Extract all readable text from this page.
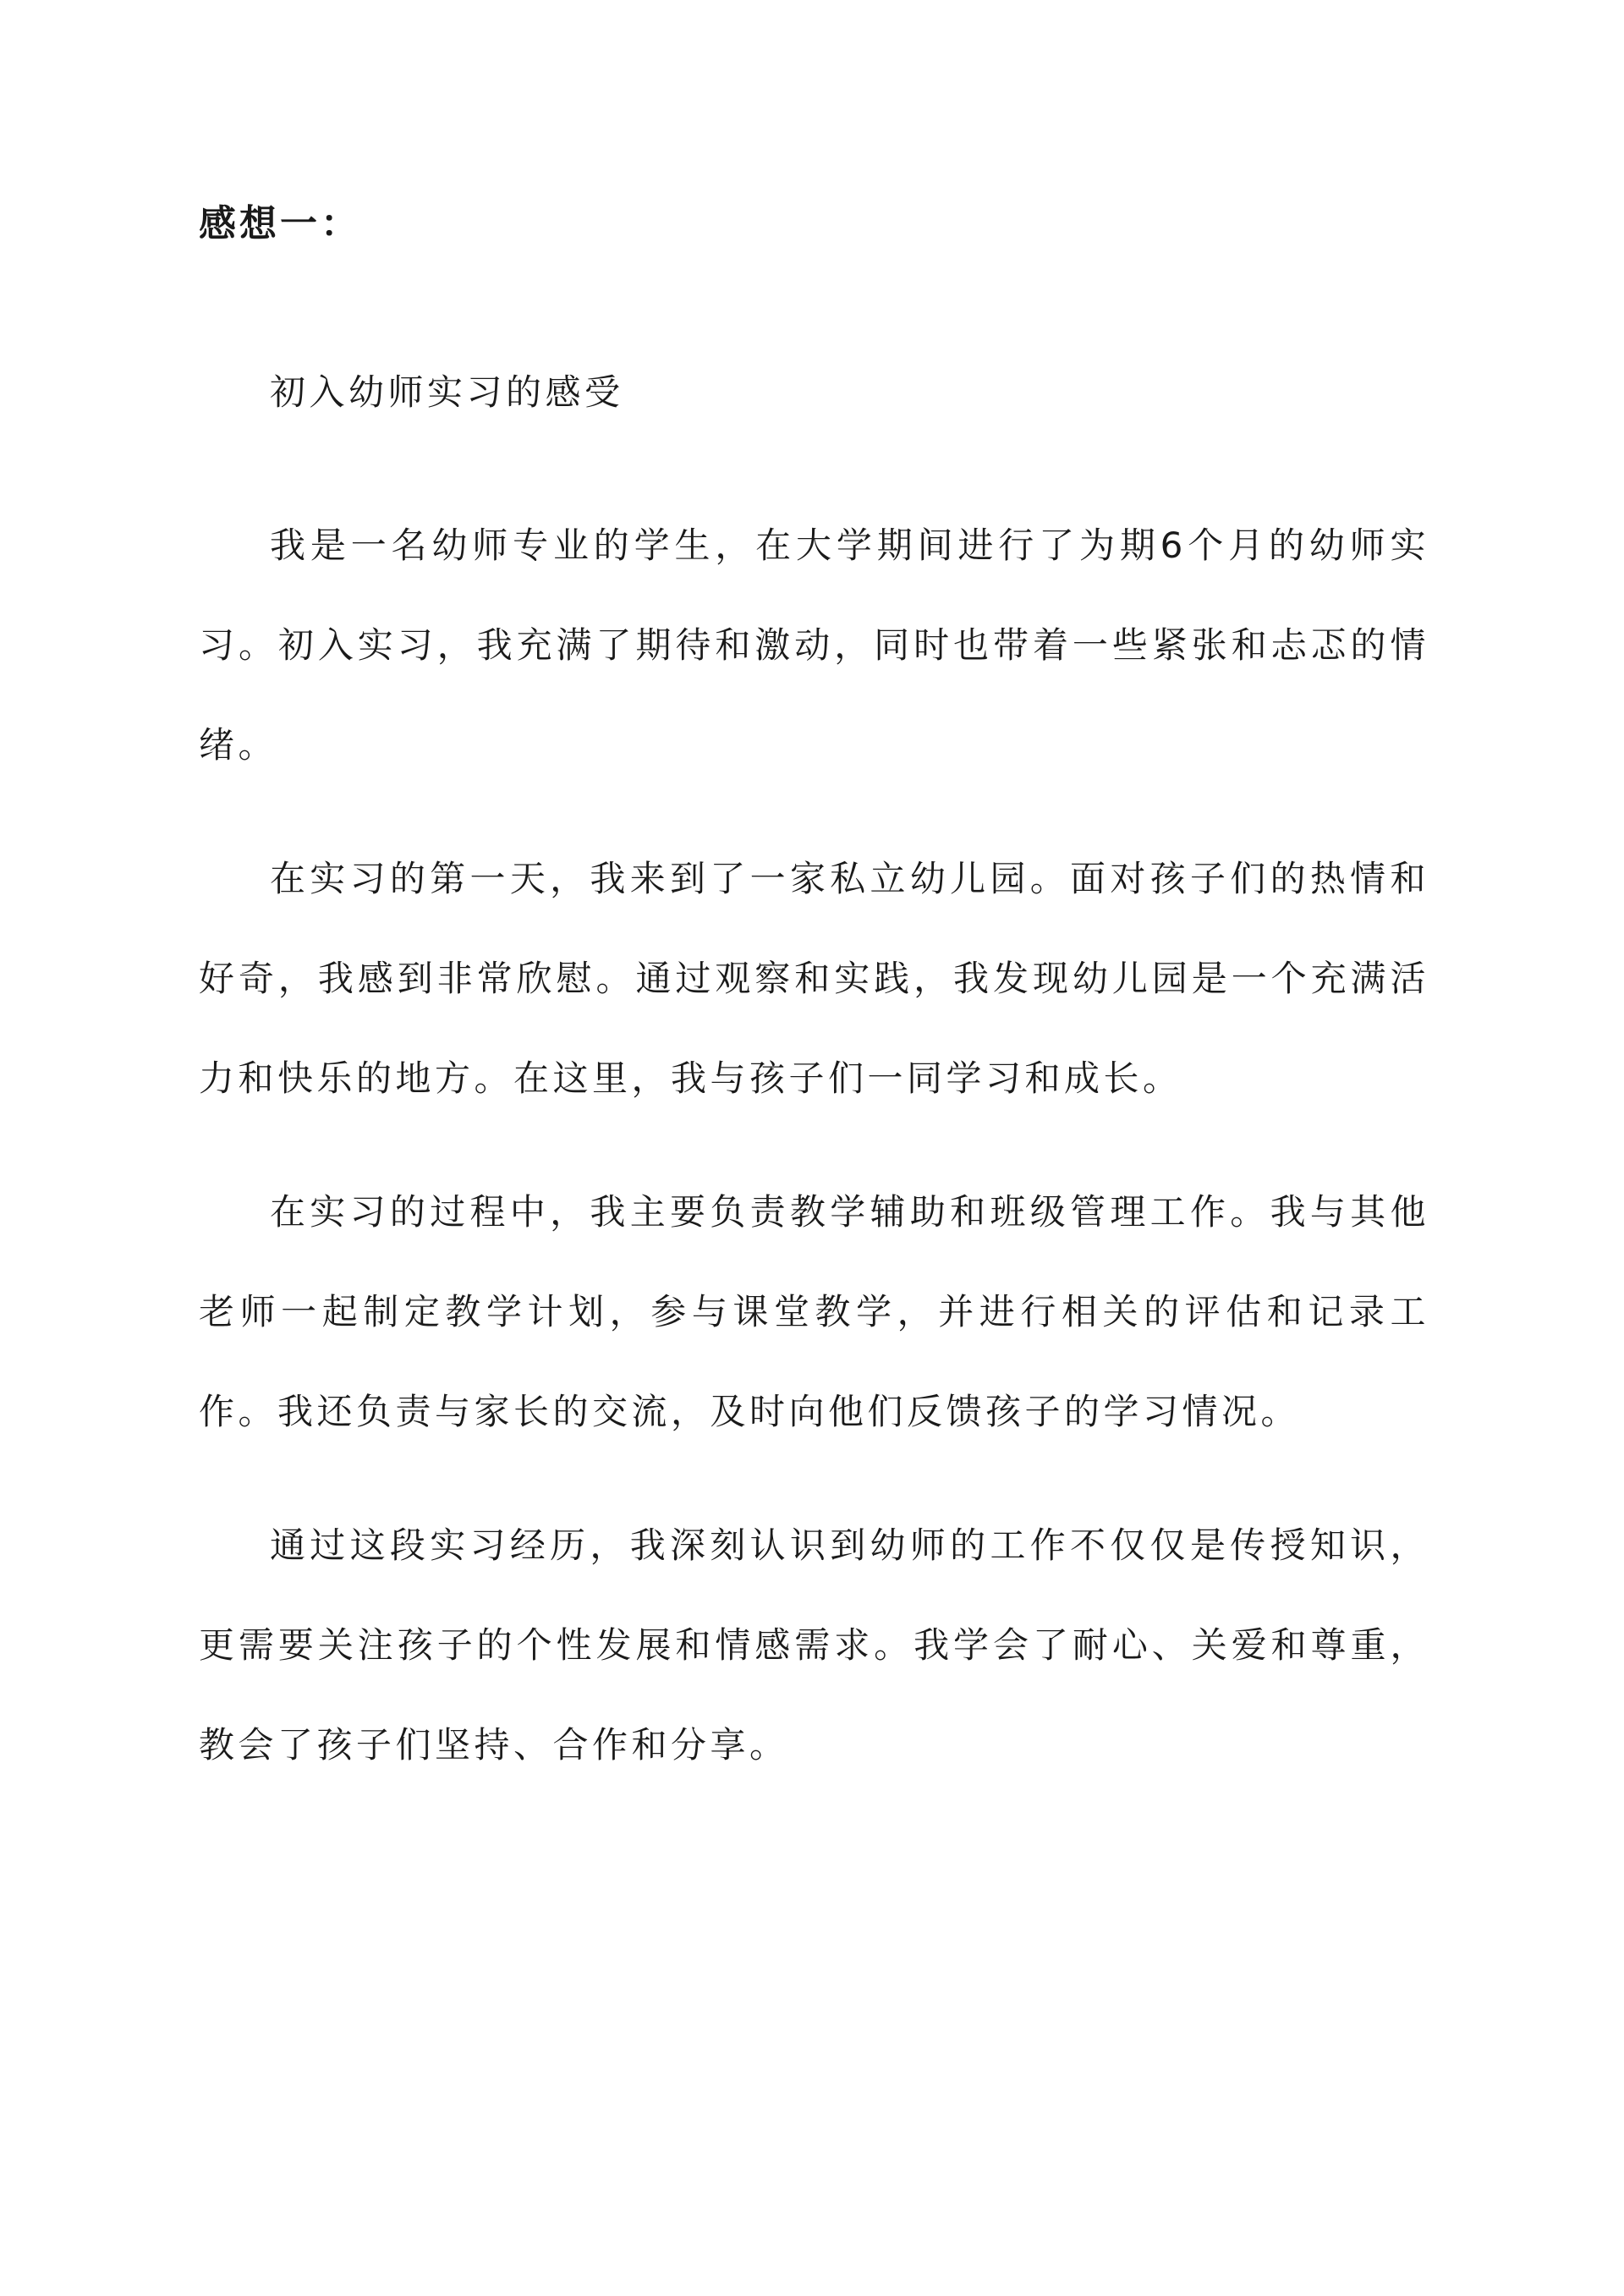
感想一：

初入幼师实习的感受

我是一名幼师专业的学生，在大学期间进行了为期6个月的幼师实习。初入实习，我充满了期待和激动，同时也带着一些紧张和忐忑的情绪。

在实习的第一天，我来到了一家私立幼儿园。面对孩子们的热情和好奇，我感到非常欣慰。通过观察和实践，我发现幼儿园是一个充满活力和快乐的地方。在这里，我与孩子们一同学习和成长。

在实习的过程中，我主要负责教学辅助和班级管理工作。我与其他老师一起制定教学计划，参与课堂教学，并进行相关的评估和记录工作。我还负责与家长的交流，及时向他们反馈孩子的学习情况。

通过这段实习经历，我深刻认识到幼师的工作不仅仅是传授知识，更需要关注孩子的个性发展和情感需求。我学会了耐心、关爱和尊重，教会了孩子们坚持、合作和分享。
